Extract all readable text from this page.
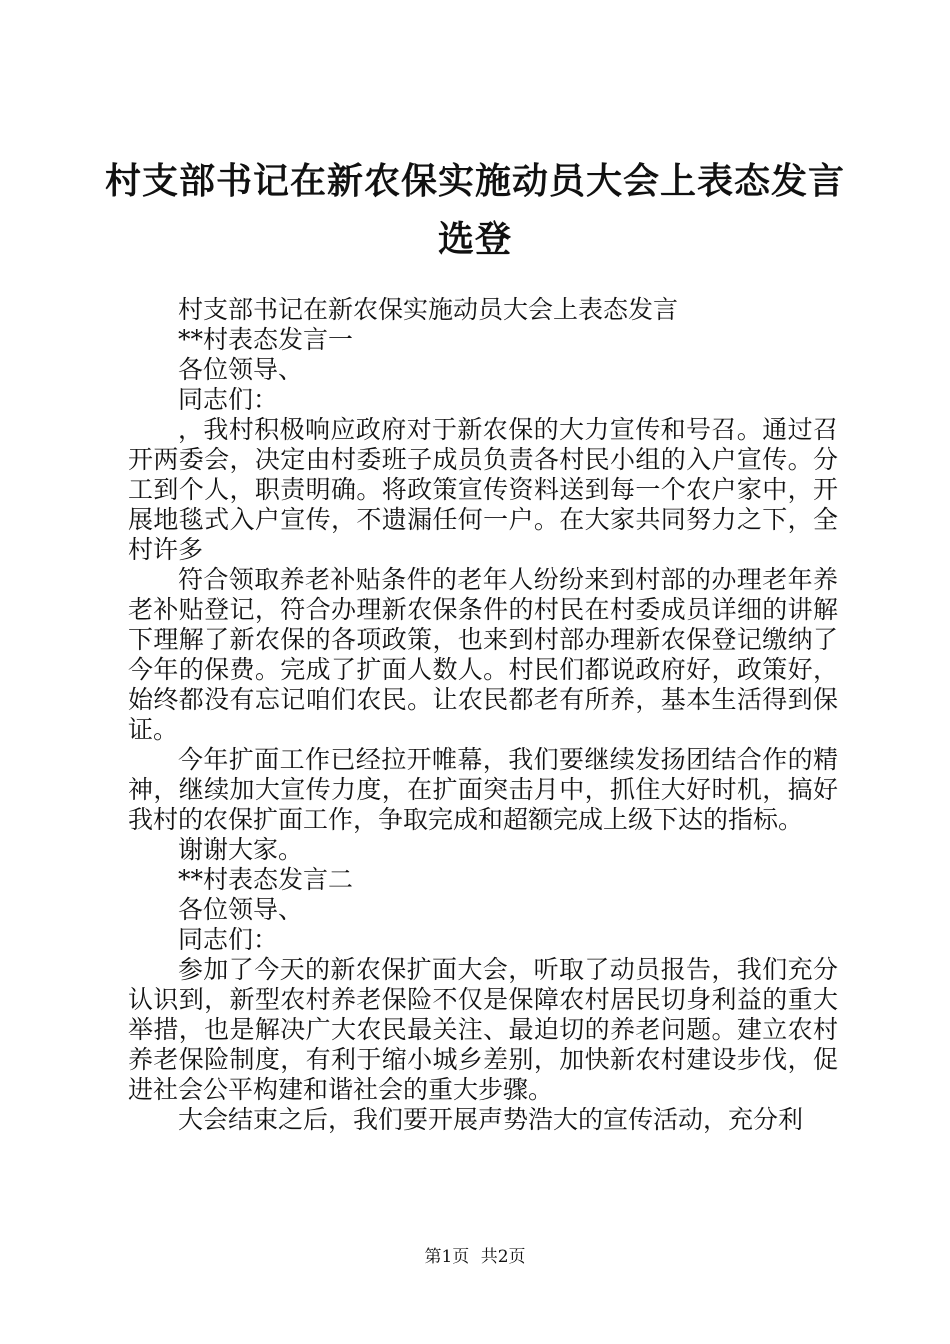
村支部书记在新农保实施动员大会上表态发言
选登

村支部书记在新农保实施动员大会上表态发言

**村表态发言一

各位领导、

同志们：

，我村积极响应政府对于新农保的大力宣传和号召。通过召开两委会，决定由村委班子成员负责各村民小组的入户宣传。分工到个人，职责明确。将政策宣传资料送到每一个农户家中，开展地毯式入户宣传，不遗漏任何一户。在大家共同努力之下，全村许多

符合领取养老补贴条件的老年人纷纷来到村部的办理老年养老补贴登记，符合办理新农保条件的村民在村委成员详细的讲解下理解了新农保的各项政策，也来到村部办理新农保登记缴纳了今年的保费。完成了扩面人数人。村民们都说政府好，政策好，始终都没有忘记咱们农民。让农民都老有所养，基本生活得到保证。

今年扩面工作已经拉开帷幕，我们要继续发扬团结合作的精神，继续加大宣传力度，在扩面突击月中，抓住大好时机，搞好我村的农保扩面工作，争取完成和超额完成上级下达的指标。

谢谢大家。

**村表态发言二

各位领导、

同志们：

参加了今天的新农保扩面大会，听取了动员报告，我们充分认识到，新型农村养老保险不仅是保障农村居民切身利益的重大举措，也是解决广大农民最关注、最迫切的养老问题。建立农村养老保险制度，有利于缩小城乡差别，加快新农村建设步伐，促进社会公平构建和谐社会的重大步骤。

大会结束之后，我们要开展声势浩大的宣传活动，充分利

第1页 共2页
